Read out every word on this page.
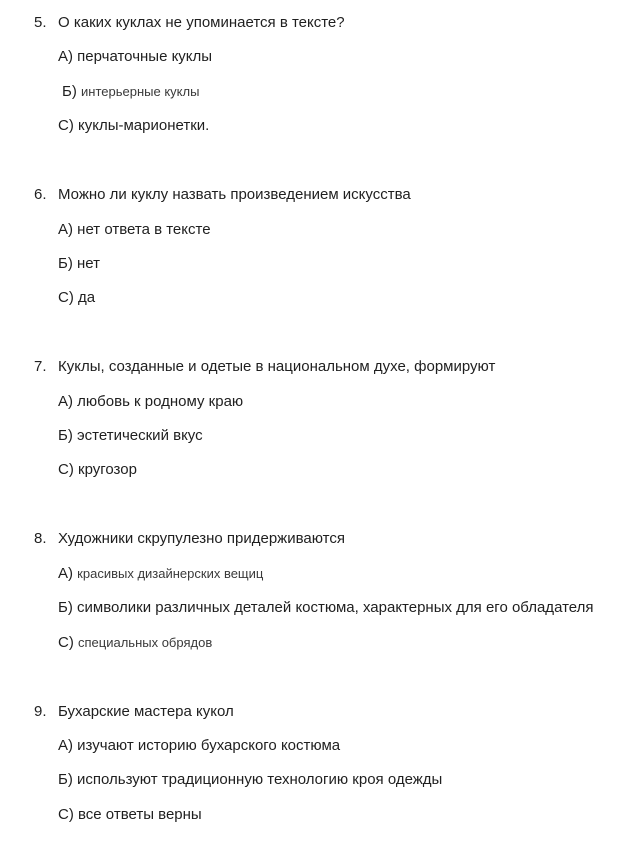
5. О каких куклах не упоминается в тексте?
А) перчаточные куклы
Б) интерьерные куклы
С) куклы-марионетки.
6. Можно ли куклу назвать произведением искусства
А) нет ответа в тексте
Б) нет
С) да
7. Куклы, созданные и одетые в национальном духе, формируют
А) любовь к родному краю
Б) эстетический вкус
С) кругозор
8. Художники скрупулезно придерживаются
А) красивых дизайнерских вещиц
Б) символики различных деталей костюма, характерных для его обладателя
С) специальных обрядов
9. Бухарские мастера кукол
А) изучают историю бухарского костюма
Б) используют традиционную технологию кроя одежды
С) все ответы верны
